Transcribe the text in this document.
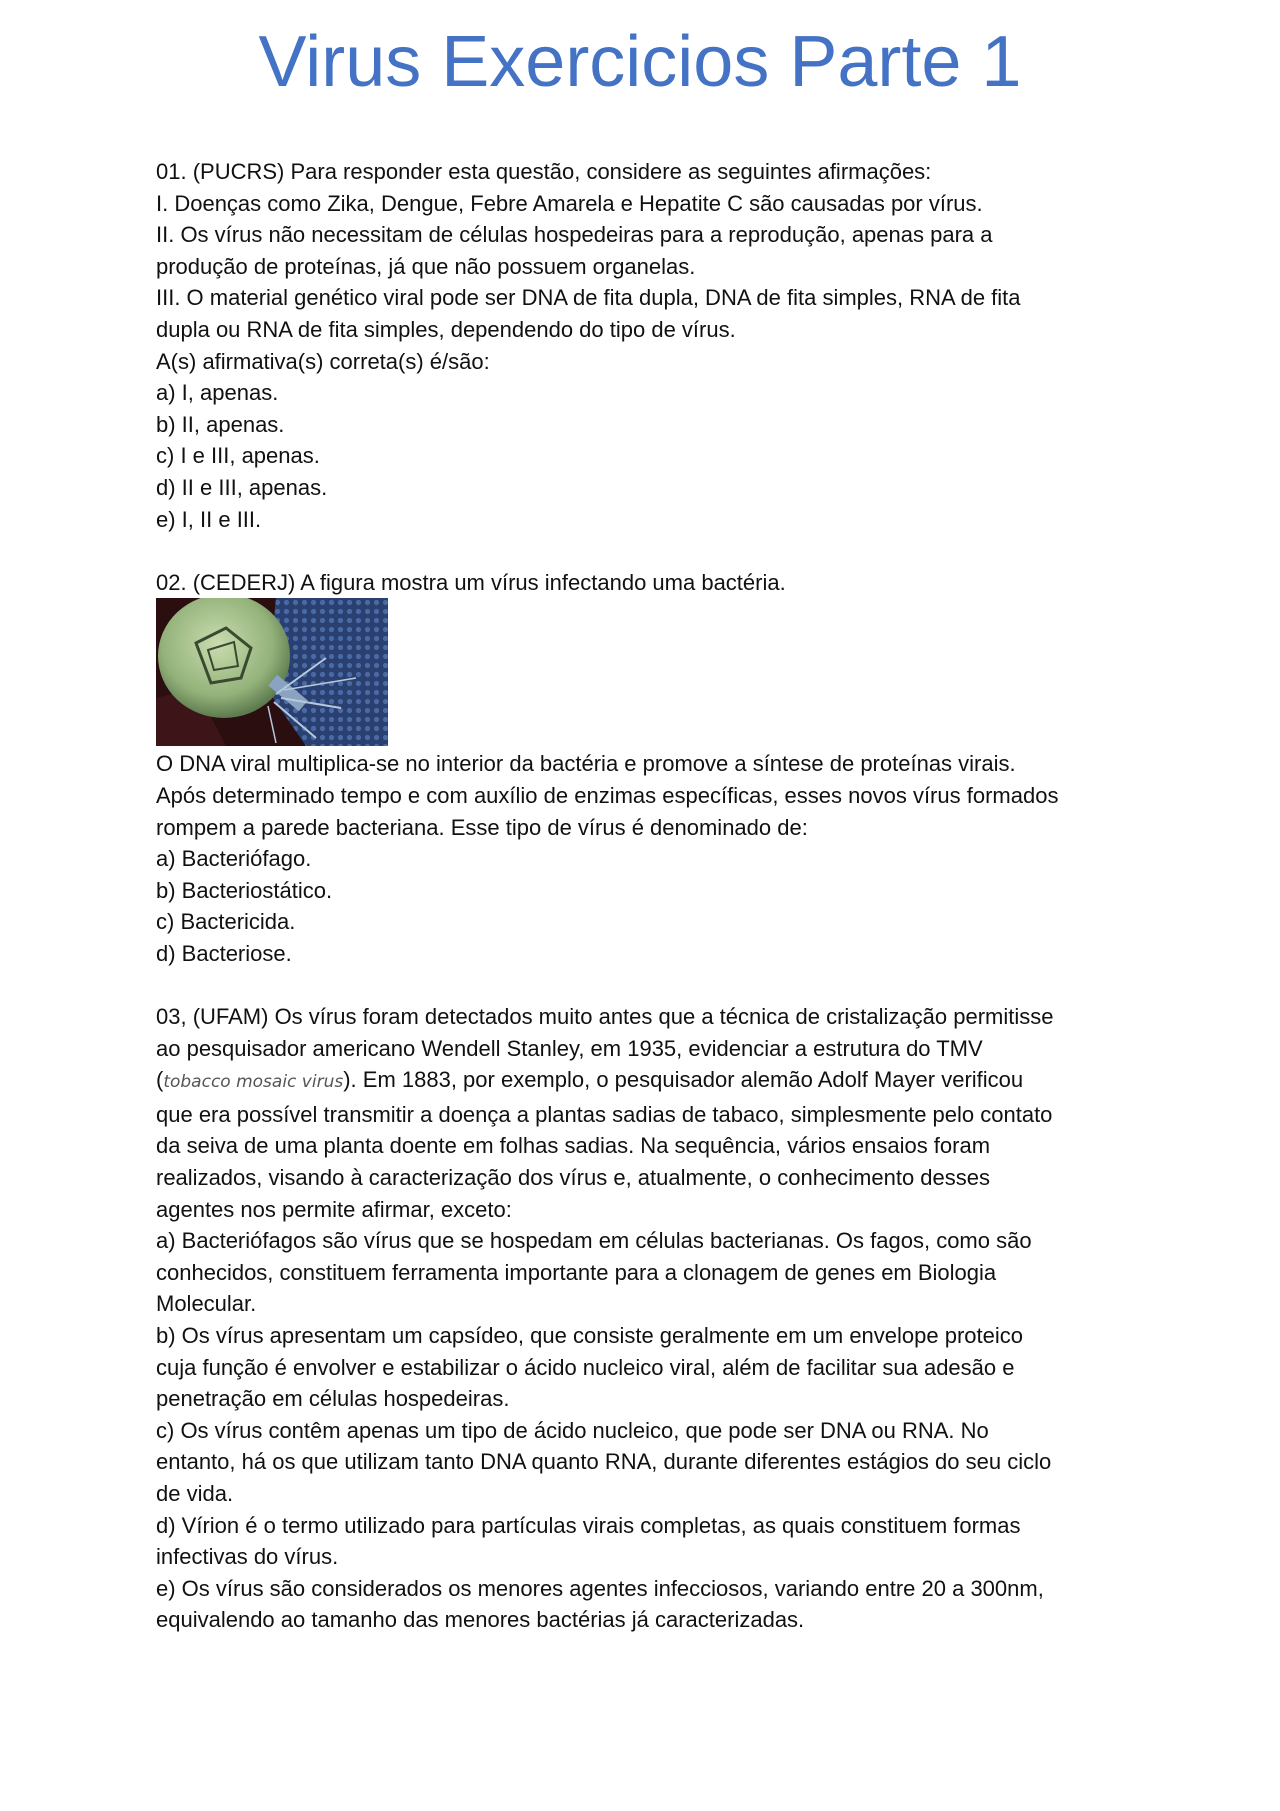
Virus Exercicios Parte 1
01. (PUCRS) Para responder esta questão, considere as seguintes afirmações:
I. Doenças como Zika, Dengue, Febre Amarela e Hepatite C são causadas por vírus.
II. Os vírus não necessitam de células hospedeiras para a reprodução, apenas para a
produção de proteínas, já que não possuem organelas.
III. O material genético viral pode ser DNA de fita dupla, DNA de fita simples, RNA de fita
dupla ou RNA de fita simples, dependendo do tipo de vírus.
A(s) afirmativa(s) correta(s) é/são:
a) I, apenas.
b) II, apenas.
c) I e III, apenas.
d) II e III, apenas.
e) I, II e III.
02. (CEDERJ) A figura mostra um vírus infectando uma bactéria.
O DNA viral multiplica-se no interior da bactéria e promove a síntese de proteínas virais.
Após determinado tempo e com auxílio de enzimas específicas, esses novos vírus formados
rompem a parede bacteriana. Esse tipo de vírus é denominado de:
a) Bacteriófago.
b) Bacteriostático.
c) Bactericida.
d) Bacteriose.
03, (UFAM) Os vírus foram detectados muito antes que a técnica de cristalização permitisse
ao pesquisador americano Wendell Stanley, em 1935, evidenciar a estrutura do TMV
(tobacco mosaic virus). Em 1883, por exemplo, o pesquisador alemão Adolf Mayer verificou
que era possível transmitir a doença a plantas sadias de tabaco, simplesmente pelo contato
da seiva de uma planta doente em folhas sadias. Na sequência, vários ensaios foram
realizados, visando à caracterização dos vírus e, atualmente, o conhecimento desses
agentes nos permite afirmar, exceto:
a) Bacteriófagos são vírus que se hospedam em células bacterianas. Os fagos, como são
conhecidos, constituem ferramenta importante para a clonagem de genes em Biologia
Molecular.
b) Os vírus apresentam um capsídeo, que consiste geralmente em um envelope proteico
cuja função é envolver e estabilizar o ácido nucleico viral, além de facilitar sua adesão e
penetração em células hospedeiras.
c) Os vírus contêm apenas um tipo de ácido nucleico, que pode ser DNA ou RNA. No
entanto, há os que utilizam tanto DNA quanto RNA, durante diferentes estágios do seu ciclo
de vida.
d) Vírion é o termo utilizado para partículas virais completas, as quais constituem formas
infectivas do vírus.
e) Os vírus são considerados os menores agentes infecciosos, variando entre 20 a 300nm,
equivalendo ao tamanho das menores bactérias já caracterizadas.
